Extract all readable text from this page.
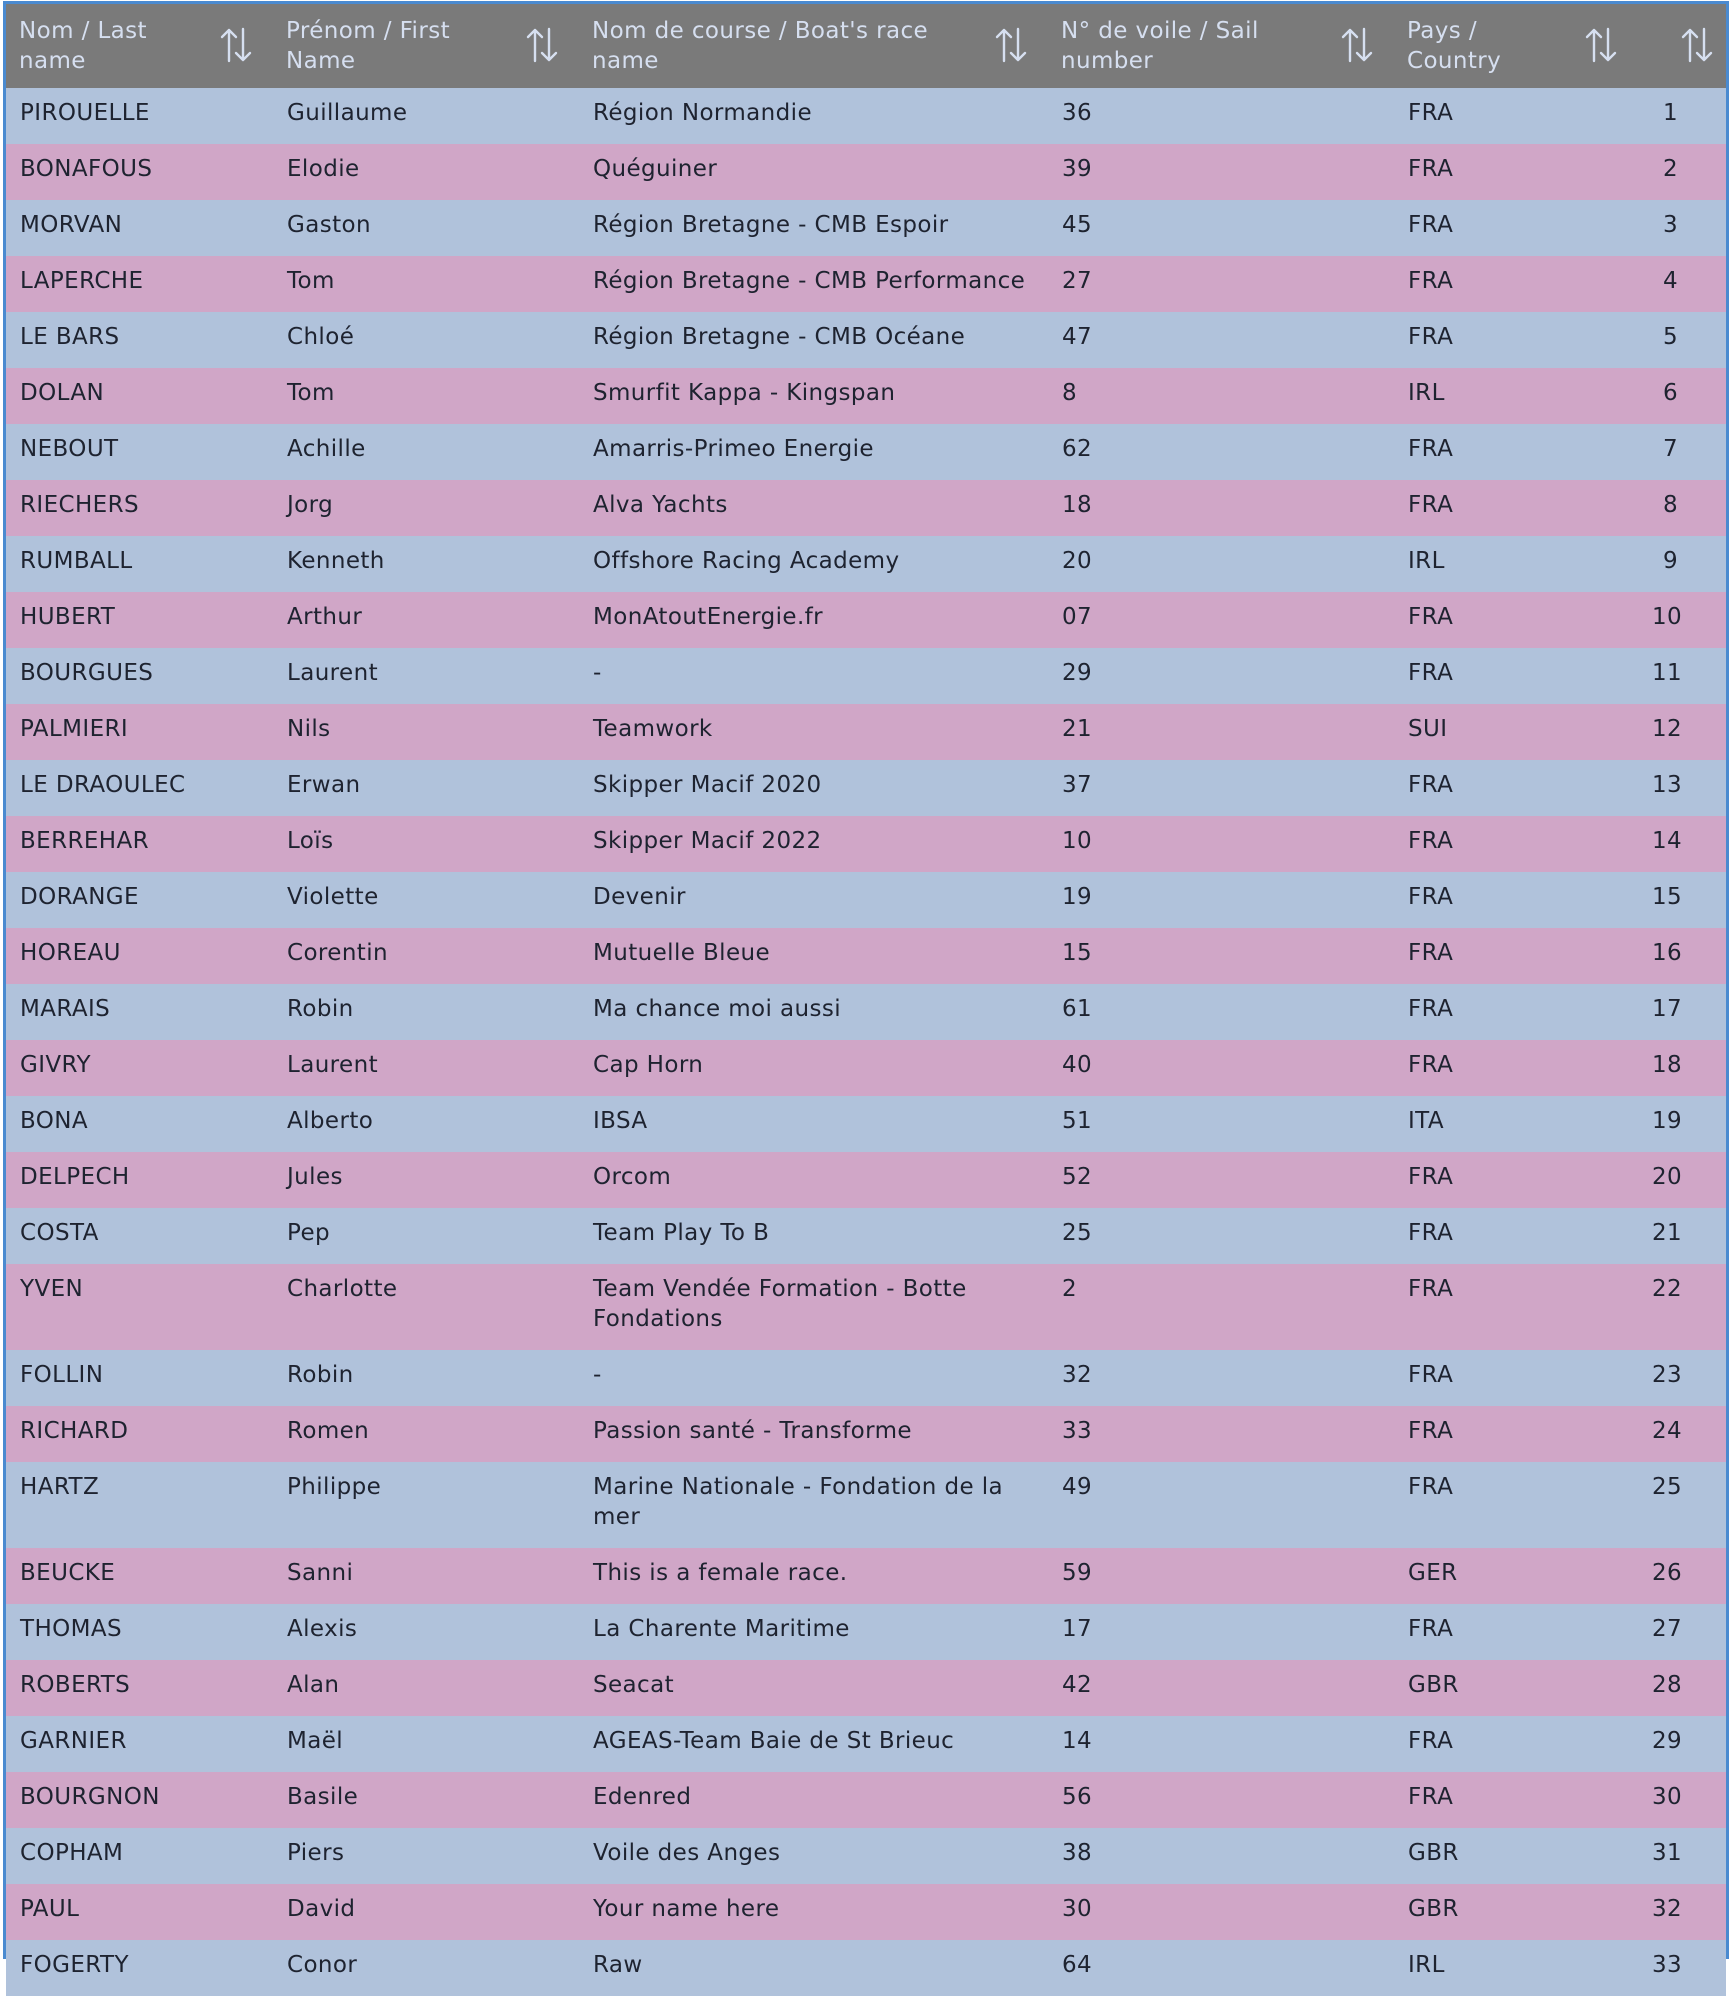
Nom / Last name	Prénom / First Name	Nom de course / Boat's race name	N° de voile / Sail number	Pays / Country

PIROUELLE	Guillaume	Région Normandie	36	FRA	1
BONAFOUS	Elodie	Quéguiner	39	FRA	2
MORVAN	Gaston	Région Bretagne - CMB Espoir	45	FRA	3
LAPERCHE	Tom	Région Bretagne - CMB Performance	27	FRA	4
LE BARS	Chloé	Région Bretagne - CMB Océane	47	FRA	5
DOLAN	Tom	Smurfit Kappa - Kingspan	8	IRL	6
NEBOUT	Achille	Amarris-Primeo Energie	62	FRA	7
RIECHERS	Jorg	Alva Yachts	18	FRA	8
RUMBALL	Kenneth	Offshore Racing Academy	20	IRL	9
HUBERT	Arthur	MonAtoutEnergie.fr	07	FRA	10
BOURGUES	Laurent	-	29	FRA	11
PALMIERI	Nils	Teamwork	21	SUI	12
LE DRAOULEC	Erwan	Skipper Macif 2020	37	FRA	13
BERREHAR	Loïs	Skipper Macif 2022	10	FRA	14
DORANGE	Violette	Devenir	19	FRA	15
HOREAU	Corentin	Mutuelle Bleue	15	FRA	16
MARAIS	Robin	Ma chance moi aussi	61	FRA	17
GIVRY	Laurent	Cap Horn	40	FRA	18
BONA	Alberto	IBSA	51	ITA	19
DELPECH	Jules	Orcom	52	FRA	20
COSTA	Pep	Team Play To B	25	FRA	21
YVEN	Charlotte	Team Vendée Formation - Botte Fondations	2	FRA	22
FOLLIN	Robin	-	32	FRA	23
RICHARD	Romen	Passion santé - Transforme	33	FRA	24
HARTZ	Philippe	Marine Nationale - Fondation de la mer	49	FRA	25
BEUCKE	Sanni	This is a female race.	59	GER	26
THOMAS	Alexis	La Charente Maritime	17	FRA	27
ROBERTS	Alan	Seacat	42	GBR	28
GARNIER	Maël	AGEAS-Team Baie de St Brieuc	14	FRA	29
BOURGNON	Basile	Edenred	56	FRA	30
COPHAM	Piers	Voile des Anges	38	GBR	31
PAUL	David	Your name here	30	GBR	32
FOGERTY	Conor	Raw	64	IRL	33
